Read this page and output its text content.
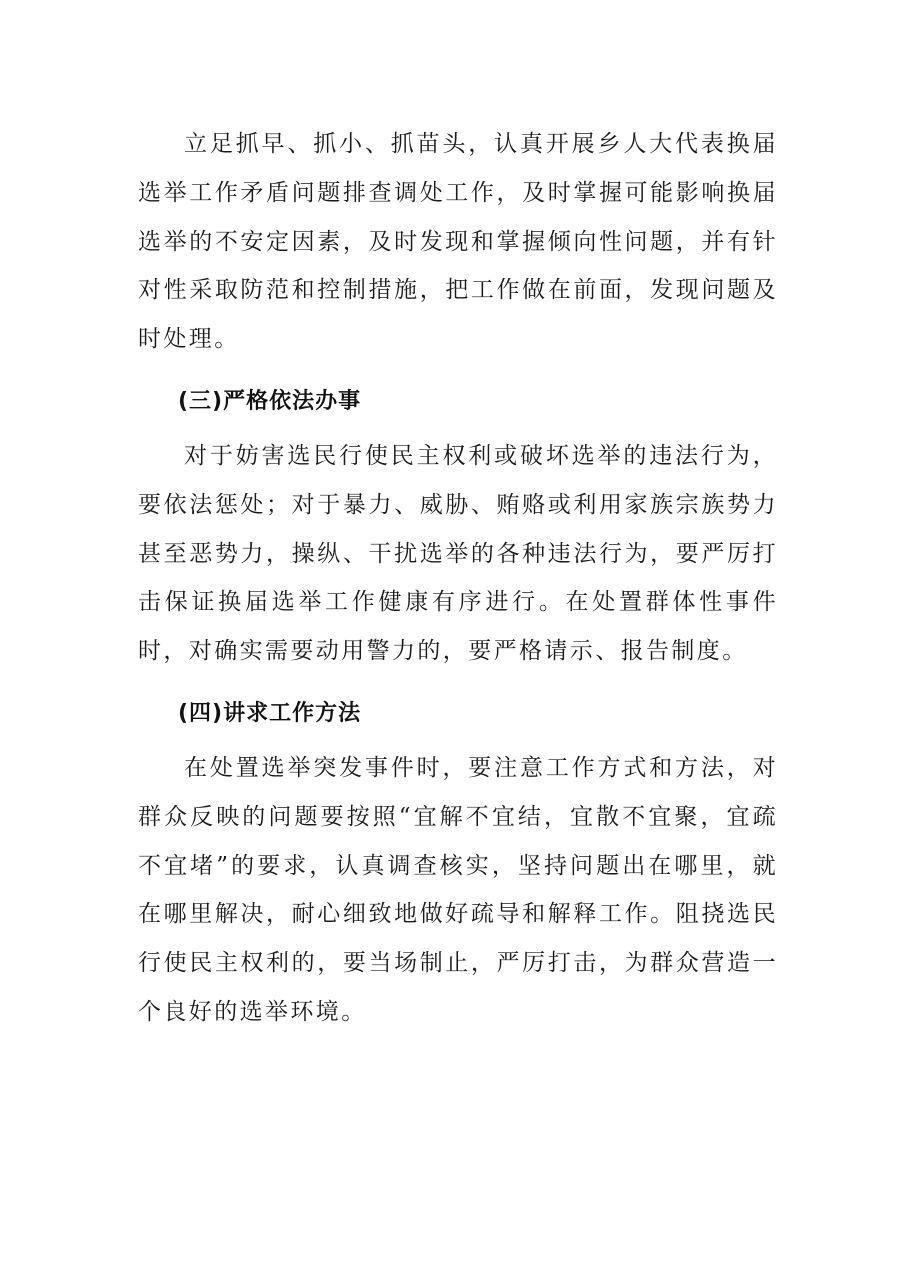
立足抓早、抓小、抓苗头，认真开展乡人大代表换届选举工作矛盾问题排查调处工作，及时掌握可能影响换届选举的不安定因素，及时发现和掌握倾向性问题，并有针对性采取防范和控制措施，把工作做在前面，发现问题及时处理。

(三)严格依法办事

对于妨害选民行使民主权利或破坏选举的违法行为，要依法惩处；对于暴力、威胁、贿赂或利用家族宗族势力甚至恶势力，操纵、干扰选举的各种违法行为，要严厉打击保证换届选举工作健康有序进行。在处置群体性事件时，对确实需要动用警力的，要严格请示、报告制度。

(四)讲求工作方法

在处置选举突发事件时，要注意工作方式和方法，对群众反映的问题要按照“宜解不宜结，宜散不宜聚，宜疏不宜堵”的要求，认真调查核实，坚持问题出在哪里，就在哪里解决，耐心细致地做好疏导和解释工作。阻挠选民行使民主权利的，要当场制止，严厉打击，为群众营造一个良好的选举环境。
